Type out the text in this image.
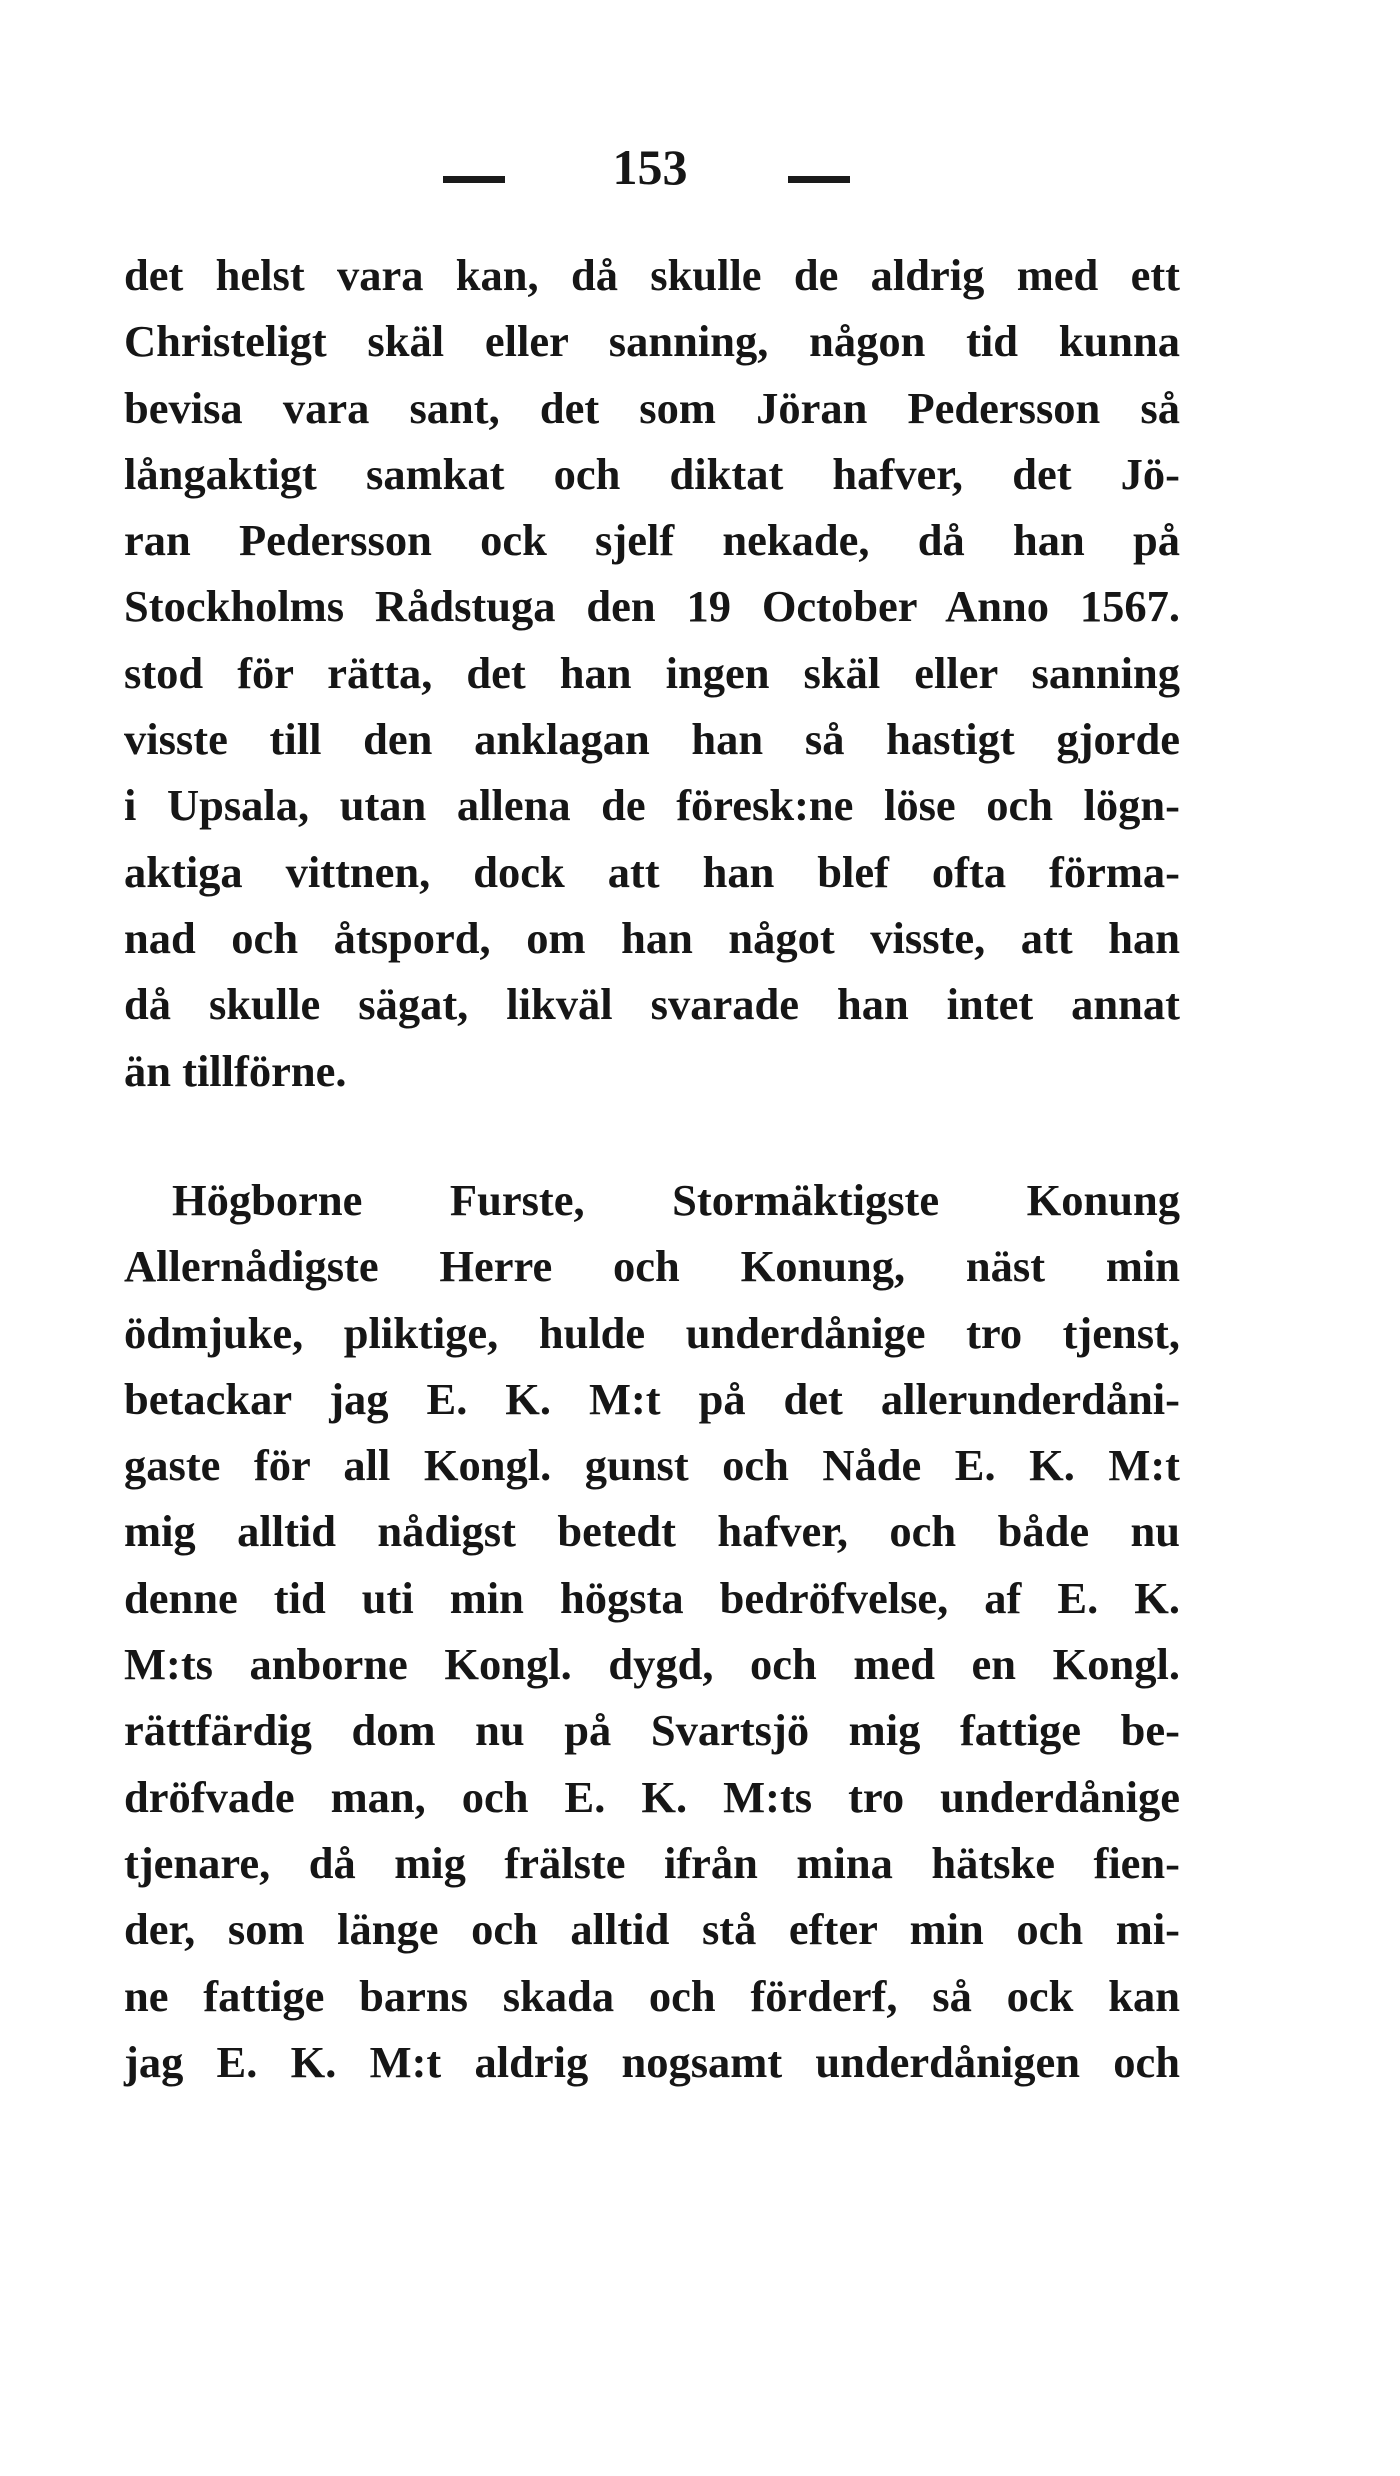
153
det helst vara kan, då skulle de aldrig med ett
Christeligt skäl eller sanning, någon tid kunna
bevisa vara sant, det som Jöran Pedersson så
långaktigt samkat och diktat hafver, det Jö-
ran Pedersson ock sjelf nekade, då han på
Stockholms Rådstuga den 19 October Anno 1567.
stod för rätta, det han ingen skäl eller sanning
visste till den anklagan han så hastigt gjorde
i Upsala, utan allena de föresk:ne löse och lögn-
aktiga vittnen, dock att han blef ofta förma-
nad och åtspord, om han något visste, att han
då skulle sägat, likväl svarade han intet annat
än tillförne.
Högborne Furste, Stormäktigste Konung
Allernådigste Herre och Konung, näst min
ödmjuke, pliktige, hulde underdånige tro tjenst,
betackar jag E. K. M:t på det allerunderdåni-
gaste för all Kongl. gunst och Nåde E. K. M:t
mig alltid nådigst betedt hafver, och både nu
denne tid uti min högsta bedröfvelse, af E. K.
M:ts anborne Kongl. dygd, och med en Kongl.
rättfärdig dom nu på Svartsjö mig fattige be-
dröfvade man, och E. K. M:ts tro underdånige
tjenare, då mig frälste ifrån mina hätske fien-
der, som länge och alltid stå efter min och mi-
ne fattige barns skada och förderf, så ock kan
jag E. K. M:t aldrig nogsamt underdånigen och
